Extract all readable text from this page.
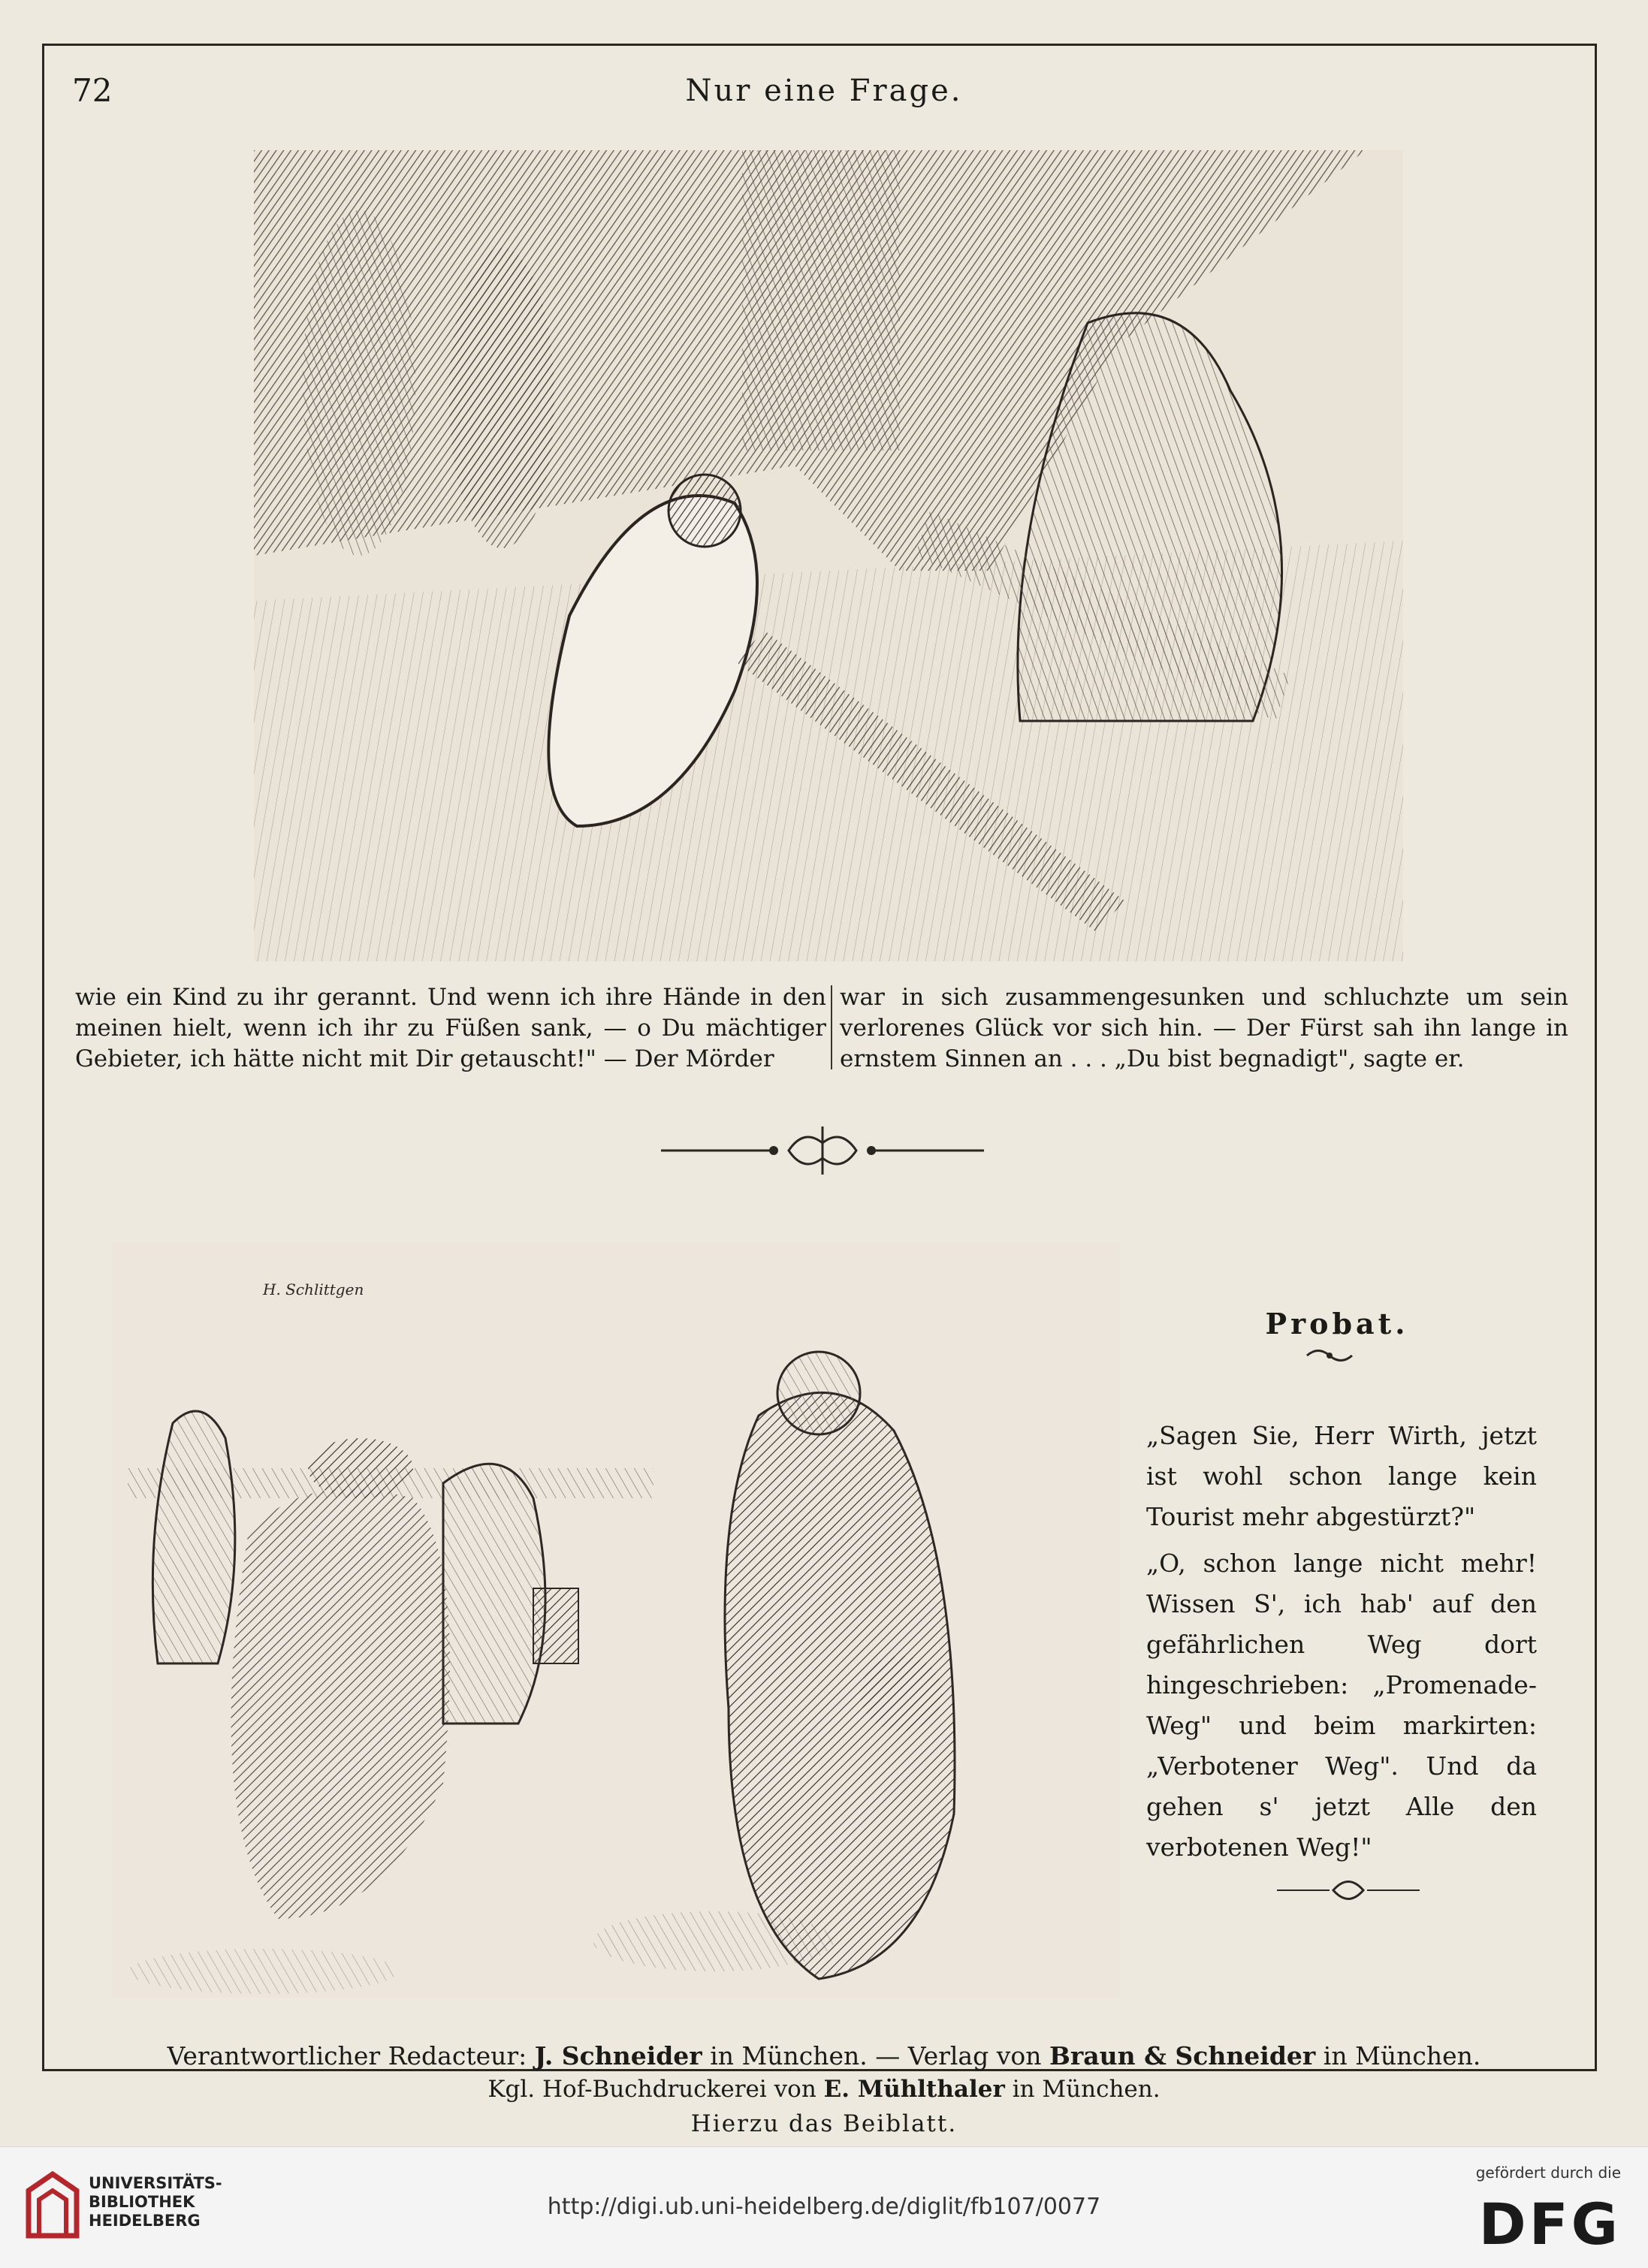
72	Nur eine Frage.
wie ein Kind zu ihr gerannt. Und wenn ich ihre Hände in den meinen hielt, wenn ich ihr zu Füßen sank, — o Du mächtiger Gebieter, ich hätte nicht mit Dir getauscht!" — Der Mörder
war in sich zusammengesunken und schluchzte um sein verlorenes Glück vor sich hin. — Der Fürst sah ihn lange in ernstem Sinnen an . . . „Du bist begnadigt", sagte er.
H. Schlittgen
Probat.

„Sagen Sie, Herr Wirth, jetzt ist wohl schon lange kein Tourist mehr abgestürzt?"

„O, schon lange nicht mehr! Wissen S', ich hab' auf den gefährlichen Weg dort hingeschrieben: „Promenade-Weg" und beim markirten: „Verbotener Weg". Und da gehen s' jetzt Alle den verbotenen Weg!"

Verantwortlicher Redacteur: J. Schneider in München. — Verlag von Braun & Schneider in München.
Kgl. Hof-Buchdruckerei von E. Mühlthaler in München.
Hierzu das Beiblatt.
UNIVERSITÄTS-
BIBLIOTHEK
HEIDELBERG
http://digi.ub.uni-heidelberg.de/diglit/fb107/0077
gefördert durch die
DFG
